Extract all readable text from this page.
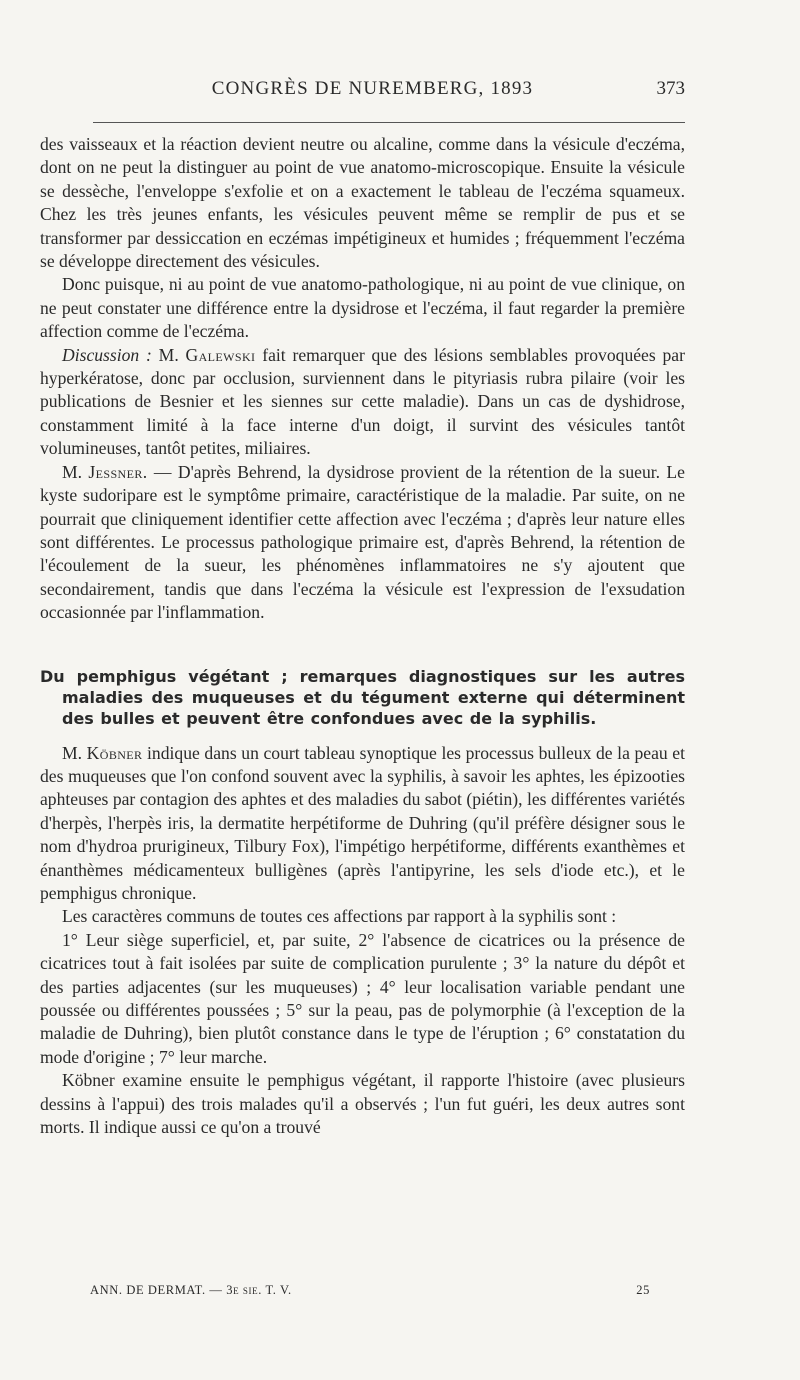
CONGRÈS DE NUREMBERG, 1893	373

des vaisseaux et la réaction devient neutre ou alcaline, comme dans la vésicule d'eczéma, dont on ne peut la distinguer au point de vue anatomo-microscopique. Ensuite la vésicule se dessèche, l'enveloppe s'exfolie et on a exactement le tableau de l'eczéma squameux. Chez les très jeunes enfants, les vésicules peuvent même se remplir de pus et se transformer par dessiccation en eczémas impétigineux et humides ; fréquemment l'eczéma se développe directement des vésicules.

Donc puisque, ni au point de vue anatomo-pathologique, ni au point de vue clinique, on ne peut constater une différence entre la dysidrose et l'eczéma, il faut regarder la première affection comme de l'eczéma.

Discussion : M. Galewski fait remarquer que des lésions semblables provoquées par hyperkératose, donc par occlusion, surviennent dans le pityriasis rubra pilaire (voir les publications de Besnier et les siennes sur cette maladie). Dans un cas de dyshidrose, constamment limité à la face interne d'un doigt, il survint des vésicules tantôt volumineuses, tantôt petites, miliaires.

M. Jessner. — D'après Behrend, la dysidrose provient de la rétention de la sueur. Le kyste sudoripare est le symptôme primaire, caractéristique de la maladie. Par suite, on ne pourrait que cliniquement identifier cette affection avec l'eczéma ; d'après leur nature elles sont différentes. Le processus pathologique primaire est, d'après Behrend, la rétention de l'écoulement de la sueur, les phénomènes inflammatoires ne s'y ajoutent que secondairement, tandis que dans l'eczéma la vésicule est l'expression de l'exsudation occasionnée par l'inflammation.

Du pemphigus végétant ; remarques diagnostiques sur les autres maladies des muqueuses et du tégument externe qui déterminent des bulles et peuvent être confondues avec de la syphilis.

M. Köbner indique dans un court tableau synoptique les processus bulleux de la peau et des muqueuses que l'on confond souvent avec la syphilis, à savoir les aphtes, les épizooties aphteuses par contagion des aphtes et des maladies du sabot (piétin), les différentes variétés d'herpès, l'herpès iris, la dermatite herpétiforme de Duhring (qu'il préfère désigner sous le nom d'hydroa prurigineux, Tilbury Fox), l'impétigo herpétiforme, différents exanthèmes et énanthèmes médicamenteux bulligènes (après l'antipyrine, les sels d'iode etc.), et le pemphigus chronique.

Les caractères communs de toutes ces affections par rapport à la syphilis sont :

1° Leur siège superficiel, et, par suite, 2° l'absence de cicatrices ou la présence de cicatrices tout à fait isolées par suite de complication purulente ; 3° la nature du dépôt et des parties adjacentes (sur les muqueuses) ; 4° leur localisation variable pendant une poussée ou différentes poussées ; 5° sur la peau, pas de polymorphie (à l'exception de la maladie de Duhring), bien plutôt constance dans le type de l'éruption ; 6° constatation du mode d'origine ; 7° leur marche.

Köbner examine ensuite le pemphigus végétant, il rapporte l'histoire (avec plusieurs dessins à l'appui) des trois malades qu'il a observés ; l'un fut guéri, les deux autres sont morts. Il indique aussi ce qu'on a trouvé

ANN. DE DERMAT. — 3e sie. T. V.	25
